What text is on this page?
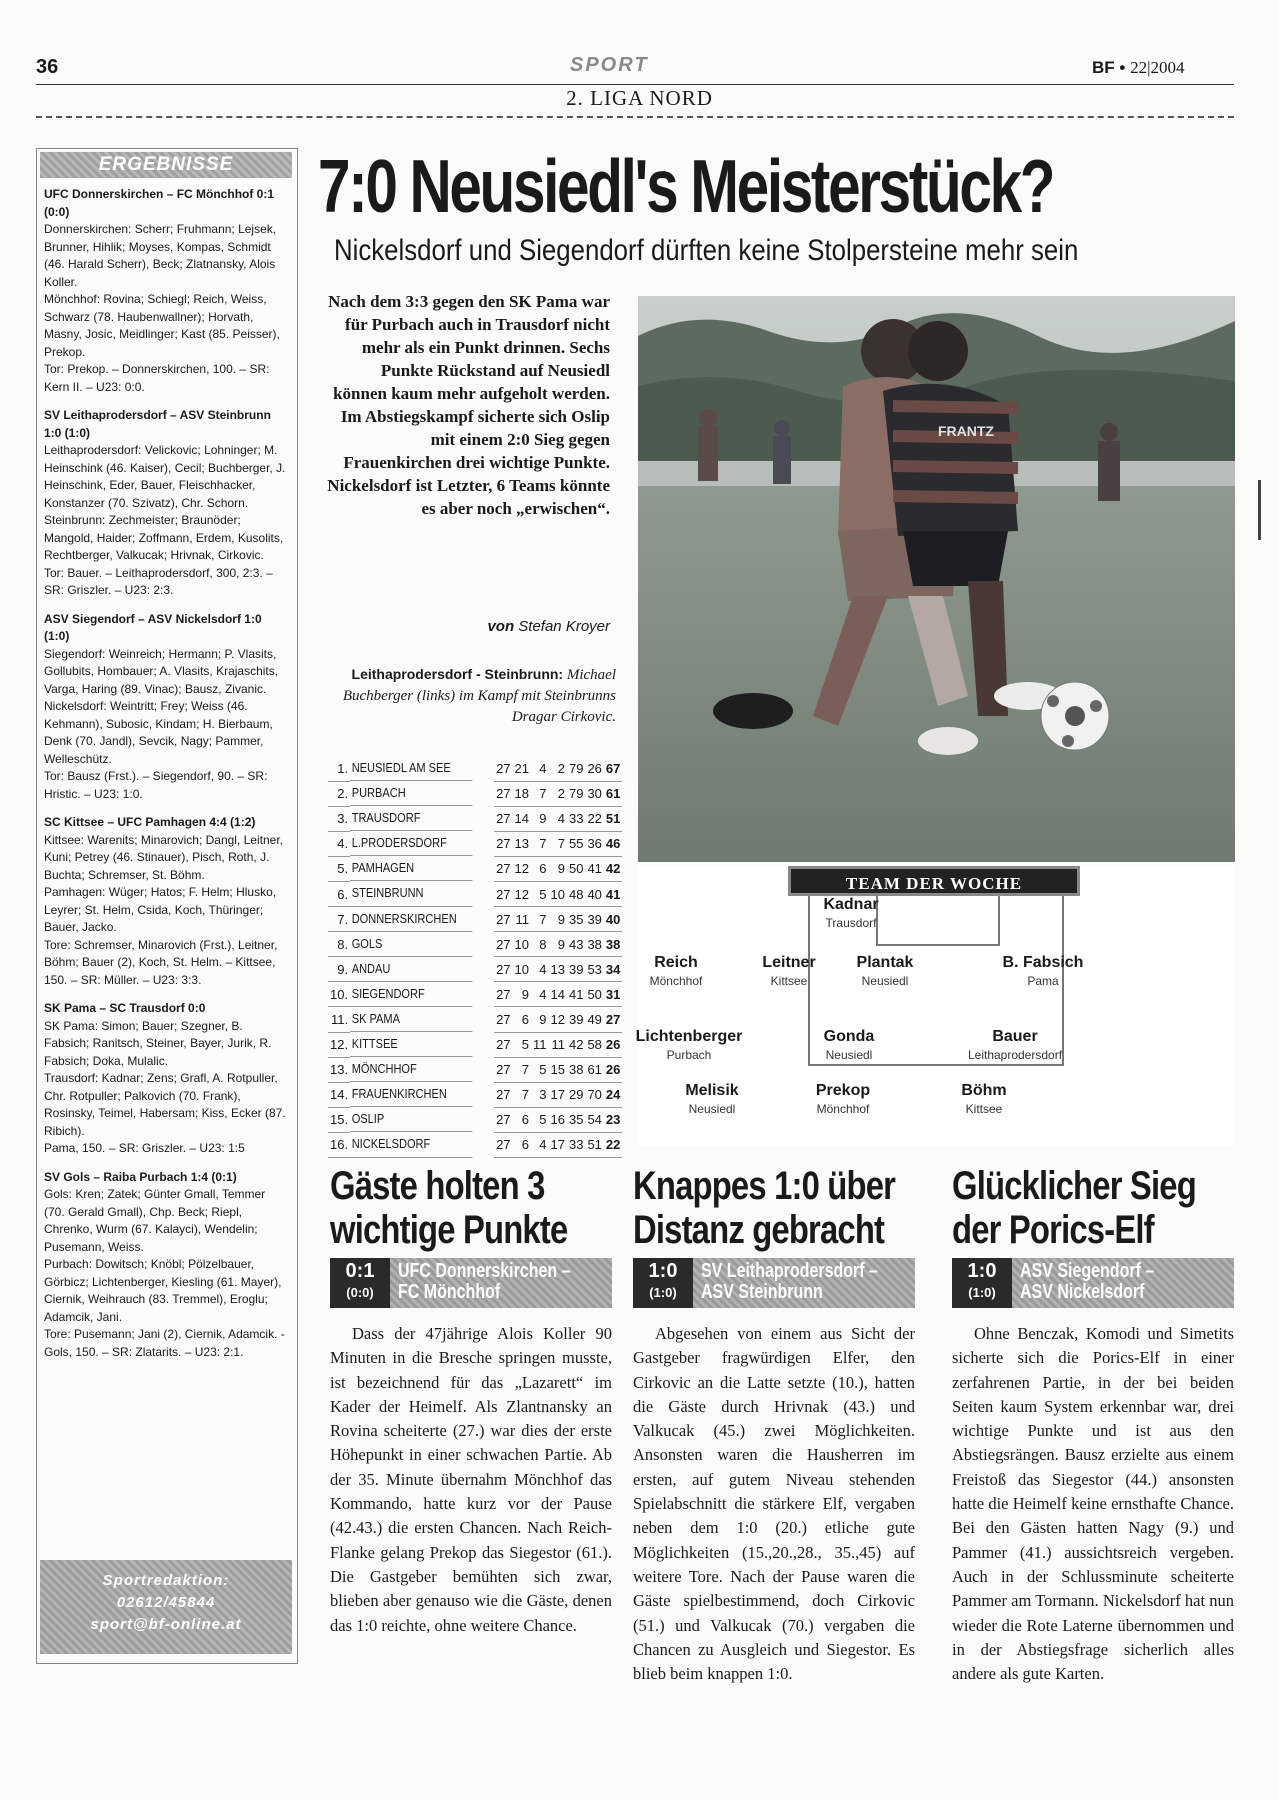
36	SPORT	BF • 22|2004
2. LIGA NORD
ERGEBNISSE

UFC Donnerskirchen – FC Mönchhof 0:1 (0:0)

Donnerskirchen: Scherr; Fruhmann; Lejsek, Brunner, Hihlik; Moyses, Kompas, Schmidt (46. Harald Scherr), Beck; Zlatnansky, Alois Koller.

Mönchhof: Rovina; Schiegl; Reich, Weiss, Schwarz (78. Haubenwallner); Horvath, Masny, Josic, Meidlinger; Kast (85. Peisser), Prekop.

Tor: Prekop. – Donnerskirchen, 100. – SR: Kern II. – U23: 0:0.

SV Leithaprodersdorf – ASV Steinbrunn 1:0 (1:0)

Leithaprodersdorf: Velickovic; Lohninger; M. Heinschink (46. Kaiser), Cecil; Buchberger, J. Heinschink, Eder, Bauer, Fleischhacker, Konstanzer (70. Szivatz), Chr. Schorn.

Steinbrunn: Zechmeister; Braunöder; Mangold, Haider; Zoffmann, Erdem, Kusolits, Rechtberger, Valkucak; Hrivnak, Cirkovic.

Tor: Bauer. – Leithaprodersdorf, 300, 2:3. – SR: Griszler. – U23: 2:3.

ASV Siegendorf – ASV Nickelsdorf 1:0 (1:0)

Siegendorf: Weinreich; Hermann; P. Vlasits, Gollubits, Hombauer; A. Vlasits, Krajaschits, Varga, Haring (89. Vinac); Bausz, Zivanic.

Nickelsdorf: Weintritt; Frey; Weiss (46. Kehmann), Subosic, Kindam; H. Bierbaum, Denk (70. Jandl), Sevcik, Nagy; Pammer, Welleschütz.

Tor: Bausz (Frst.). – Siegendorf, 90. – SR: Hristic. – U23: 1:0.

SC Kittsee – UFC Pamhagen 4:4 (1:2)

Kittsee: Warenits; Minarovich; Dangl, Leitner, Kuni; Petrey (46. Stinauer), Pisch, Roth, J. Buchta; Schremser, St. Böhm.

Pamhagen: Wüger; Hatos; F. Helm; Hlusko, Leyrer; St. Helm, Csida, Koch, Thüringer; Bauer, Jacko.

Tore: Schremser, Minarovich (Frst.), Leitner, Böhm; Bauer (2), Koch, St. Helm. – Kittsee, 150. – SR: Müller. – U23: 3:3.

SK Pama – SC Trausdorf 0:0

SK Pama: Simon; Bauer; Szegner, B. Fabsich; Ranitsch, Steiner, Bayer, Jurik, R. Fabsich; Doka, Mulalic.

Trausdorf: Kadnar; Zens; Grafl, A. Rotpuller, Chr. Rotpuller; Palkovich (70. Frank), Rosinsky, Teimel, Habersam; Kiss, Ecker (87. Ribich).

Pama, 150. – SR: Griszler. – U23: 1:5

SV Gols – Raiba Purbach 1:4 (0:1)

Gols: Kren; Zatek; Günter Gmall, Temmer (70. Gerald Gmall), Chp. Beck; Riepl, Chrenko, Wurm (67. Kalayci), Wendelin; Pusemann, Weiss.

Purbach: Dowitsch; Knöbl; Pölzelbauer, Görbicz; Lichtenberger, Kiesling (61. Mayer), Ciernik, Weihrauch (83. Tremmel), Eroglu; Adamcik, Jani.

Tore: Pusemann; Jani (2), Ciernik, Adamcik. - Gols, 150. – SR: Zlatarits. – U23: 2:1.

Sportredaktion:
02612/45844
sport@bf-online.at
7:0 Neusiedl's Meisterstück?
Nickelsdorf und Siegendorf dürften keine Stolpersteine mehr sein

Nach dem 3:3 gegen den SK Pama war für Purbach auch in Trausdorf nicht mehr als ein Punkt drinnen. Sechs Punkte Rückstand auf Neusiedl können kaum mehr aufgeholt werden.

Im Abstiegskampf sicherte sich Oslip mit einem 2:0 Sieg gegen Frauenkirchen drei wichtige Punkte. Nickelsdorf ist Letzter, 6 Teams könnte es aber noch „erwischen“.

von Stefan Kroyer
Leithaprodersdorf - Steinbrunn: Michael Buchberger (links) im Kampf mit Steinbrunns Dragar Cirkovic.
FRANTZ
1.	NEUSIEDL AM SEE	27	21	4	2	79	26	67
2.	PURBACH	27	18	7	2	79	30	61
3.	TRAUSDORF	27	14	9	4	33	22	51
4.	L.PRODERSDORF	27	13	7	7	55	36	46
5.	PAMHAGEN	27	12	6	9	50	41	42
6.	STEINBRUNN	27	12	5	10	48	40	41
7.	DONNERSKIRCHEN	27	11	7	9	35	39	40
8.	GOLS	27	10	8	9	43	38	38
9.	ANDAU	27	10	4	13	39	53	34
10.	SIEGENDORF	27	9	4	14	41	50	31
11.	SK PAMA	27	6	9	12	39	49	27
12.	KITTSEE	27	5	11	11	42	58	26
13.	MÖNCHHOF	27	7	5	15	38	61	26
14.	FRAUENKIRCHEN	27	7	3	17	29	70	24
15.	OSLIP	27	6	5	16	35	54	23
16.	NICKELSDORF	27	6	4	17	33	51	22
TEAM DER WOCHE
Kadnar
Trausdorf
Reich
Mönchhof
Leitner
Kittsee
Plantak
Neusiedl
B. Fabsich
Pama
Lichtenberger
Purbach
Gonda
Neusiedl
Bauer
Leithaprodersdorf
Melisik
Neusiedl
Prekop
Mönchhof
Böhm
Kittsee
Gäste holten 3
wichtige Punkte
0:1
(0:0)
UFC Donnerskirchen –
FC Mönchhof

Dass der 47jährige Alois Koller 90 Minuten in die Bresche springen musste, ist bezeichnend für das „Lazarett“ im Kader der Heimelf. Als Zlantnansky an Rovina scheiterte (27.) war dies der erste Höhepunkt in einer schwachen Partie. Ab der 35. Minute übernahm Mönchhof das Kommando, hatte kurz vor der Pause (42.43.) die ersten Chancen. Nach Reich-Flanke gelang Prekop das Siegestor (61.). Die Gastgeber bemühten sich zwar, blieben aber genauso wie die Gäste, denen das 1:0 reichte, ohne weitere Chance.

Knappes 1:0 über
Distanz gebracht
1:0
(1:0)
SV Leithaprodersdorf –
ASV Steinbrunn

Abgesehen von einem aus Sicht der Gastgeber fragwürdigen Elfer, den Cirkovic an die Latte setzte (10.), hatten die Gäste durch Hrivnak (43.) und Valkucak (45.) zwei Möglichkeiten. Ansonsten waren die Hausherren im ersten, auf gutem Niveau stehenden Spielabschnitt die stärkere Elf, vergaben neben dem 1:0 (20.) etliche gute Möglichkeiten (15.,20.,28., 35.,45) auf weitere Tore. Nach der Pause waren die Gäste spielbestimmend, doch Cirkovic (51.) und Valkucak (70.) vergaben die Chancen zu Ausgleich und Siegestor. Es blieb beim knappen 1:0.

Glücklicher Sieg
der Porics-Elf
1:0
(1:0)
ASV Siegendorf –
ASV Nickelsdorf

Ohne Benczak, Komodi und Simetits sicherte sich die Porics-Elf in einer zerfahrenen Partie, in der bei beiden Seiten kaum System erkennbar war, drei wichtige Punkte und ist aus den Abstiegsrängen. Bausz erzielte aus einem Freistoß das Siegestor (44.) ansonsten hatte die Heimelf keine ernsthafte Chance. Bei den Gästen hatten Nagy (9.) und Pammer (41.) aussichtsreich vergeben. Auch in der Schlussminute scheiterte Pammer am Tormann. Nickelsdorf hat nun wieder die Rote Laterne übernommen und in der Abstiegsfrage sicherlich alles andere als gute Karten.
